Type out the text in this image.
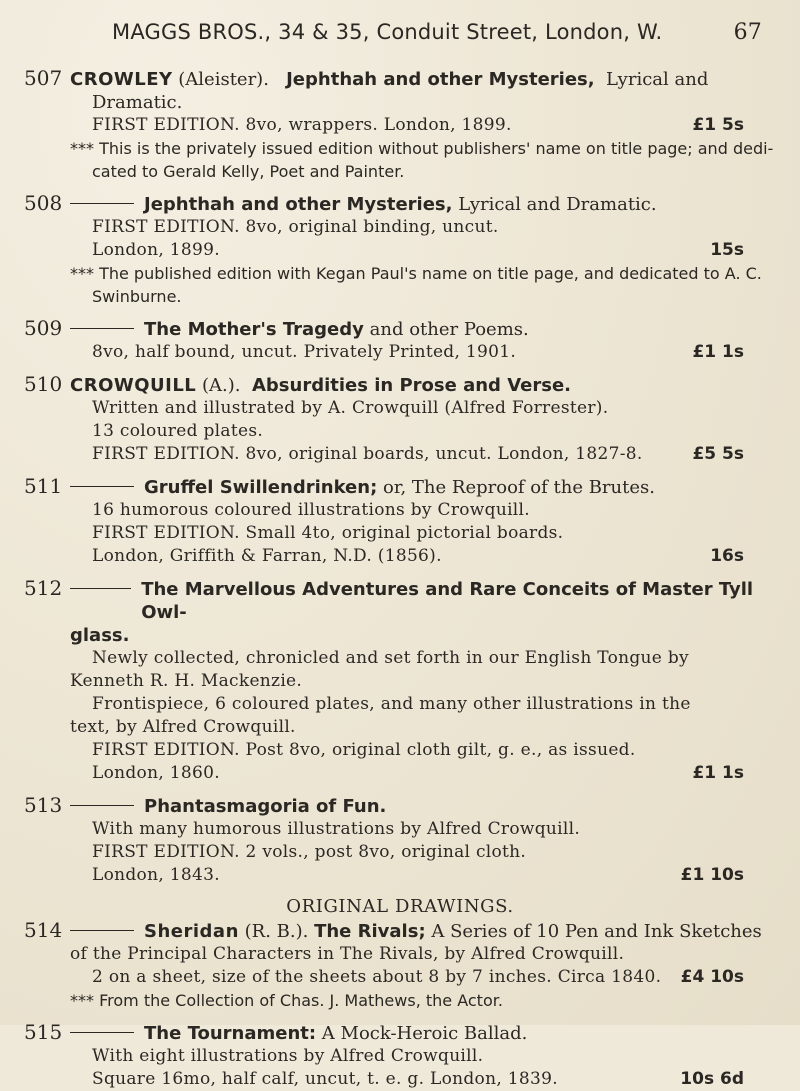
MAGGS BROS., 34 & 35, Conduit Street, London, W.	67
507 CROWLEY (Aleister). Jephthah and other Mysteries, Lyrical and
Dramatic.
FIRST EDITION. 8vo, wrappers. London, 1899.	£1 5s
*** This is the privately issued edition without publishers' name on title page; and dedi-
cated to Gerald Kelly, Poet and Painter.
508	Jephthah and other Mysteries, Lyrical and Dramatic.
FIRST EDITION. 8vo, original binding, uncut.
London, 1899.	15s
*** The published edition with Kegan Paul's name on title page, and dedicated to A. C.
Swinburne.
509	The Mother's Tragedy and other Poems.
8vo, half bound, uncut. Privately Printed, 1901.	£1 1s
510 CROWQUILL (A.). Absurdities in Prose and Verse.
Written and illustrated by A. Crowquill (Alfred Forrester).
13 coloured plates.
FIRST EDITION. 8vo, original boards, uncut. London, 1827-8.	£5 5s
511	Gruffel Swillendrinken; or, The Reproof of the Brutes.
16 humorous coloured illustrations by Crowquill.
FIRST EDITION. Small 4to, original pictorial boards.
London, Griffith & Farran, N.D. (1856).	16s
512	The Marvellous Adventures and Rare Conceits of Master Tyll Owl-
glass.
Newly collected, chronicled and set forth in our English Tongue by
Kenneth R. H. Mackenzie.
Frontispiece, 6 coloured plates, and many other illustrations in the
text, by Alfred Crowquill.
FIRST EDITION. Post 8vo, original cloth gilt, g. e., as issued.
London, 1860.	£1 1s
513	Phantasmagoria of Fun.
With many humorous illustrations by Alfred Crowquill.
FIRST EDITION. 2 vols., post 8vo, original cloth.
London, 1843.	£1 10s
ORIGINAL DRAWINGS.
514	Sheridan (R. B.). The Rivals; A Series of 10 Pen and Ink Sketches
of the Principal Characters in The Rivals, by Alfred Crowquill.
2 on a sheet, size of the sheets about 8 by 7 inches. Circa 1840. £4 10s
*** From the Collection of Chas. J. Mathews, the Actor.
515	The Tournament: A Mock-Heroic Ballad.
With eight illustrations by Alfred Crowquill.
Square 16mo, half calf, uncut, t. e. g. London, 1839.	10s 6d
